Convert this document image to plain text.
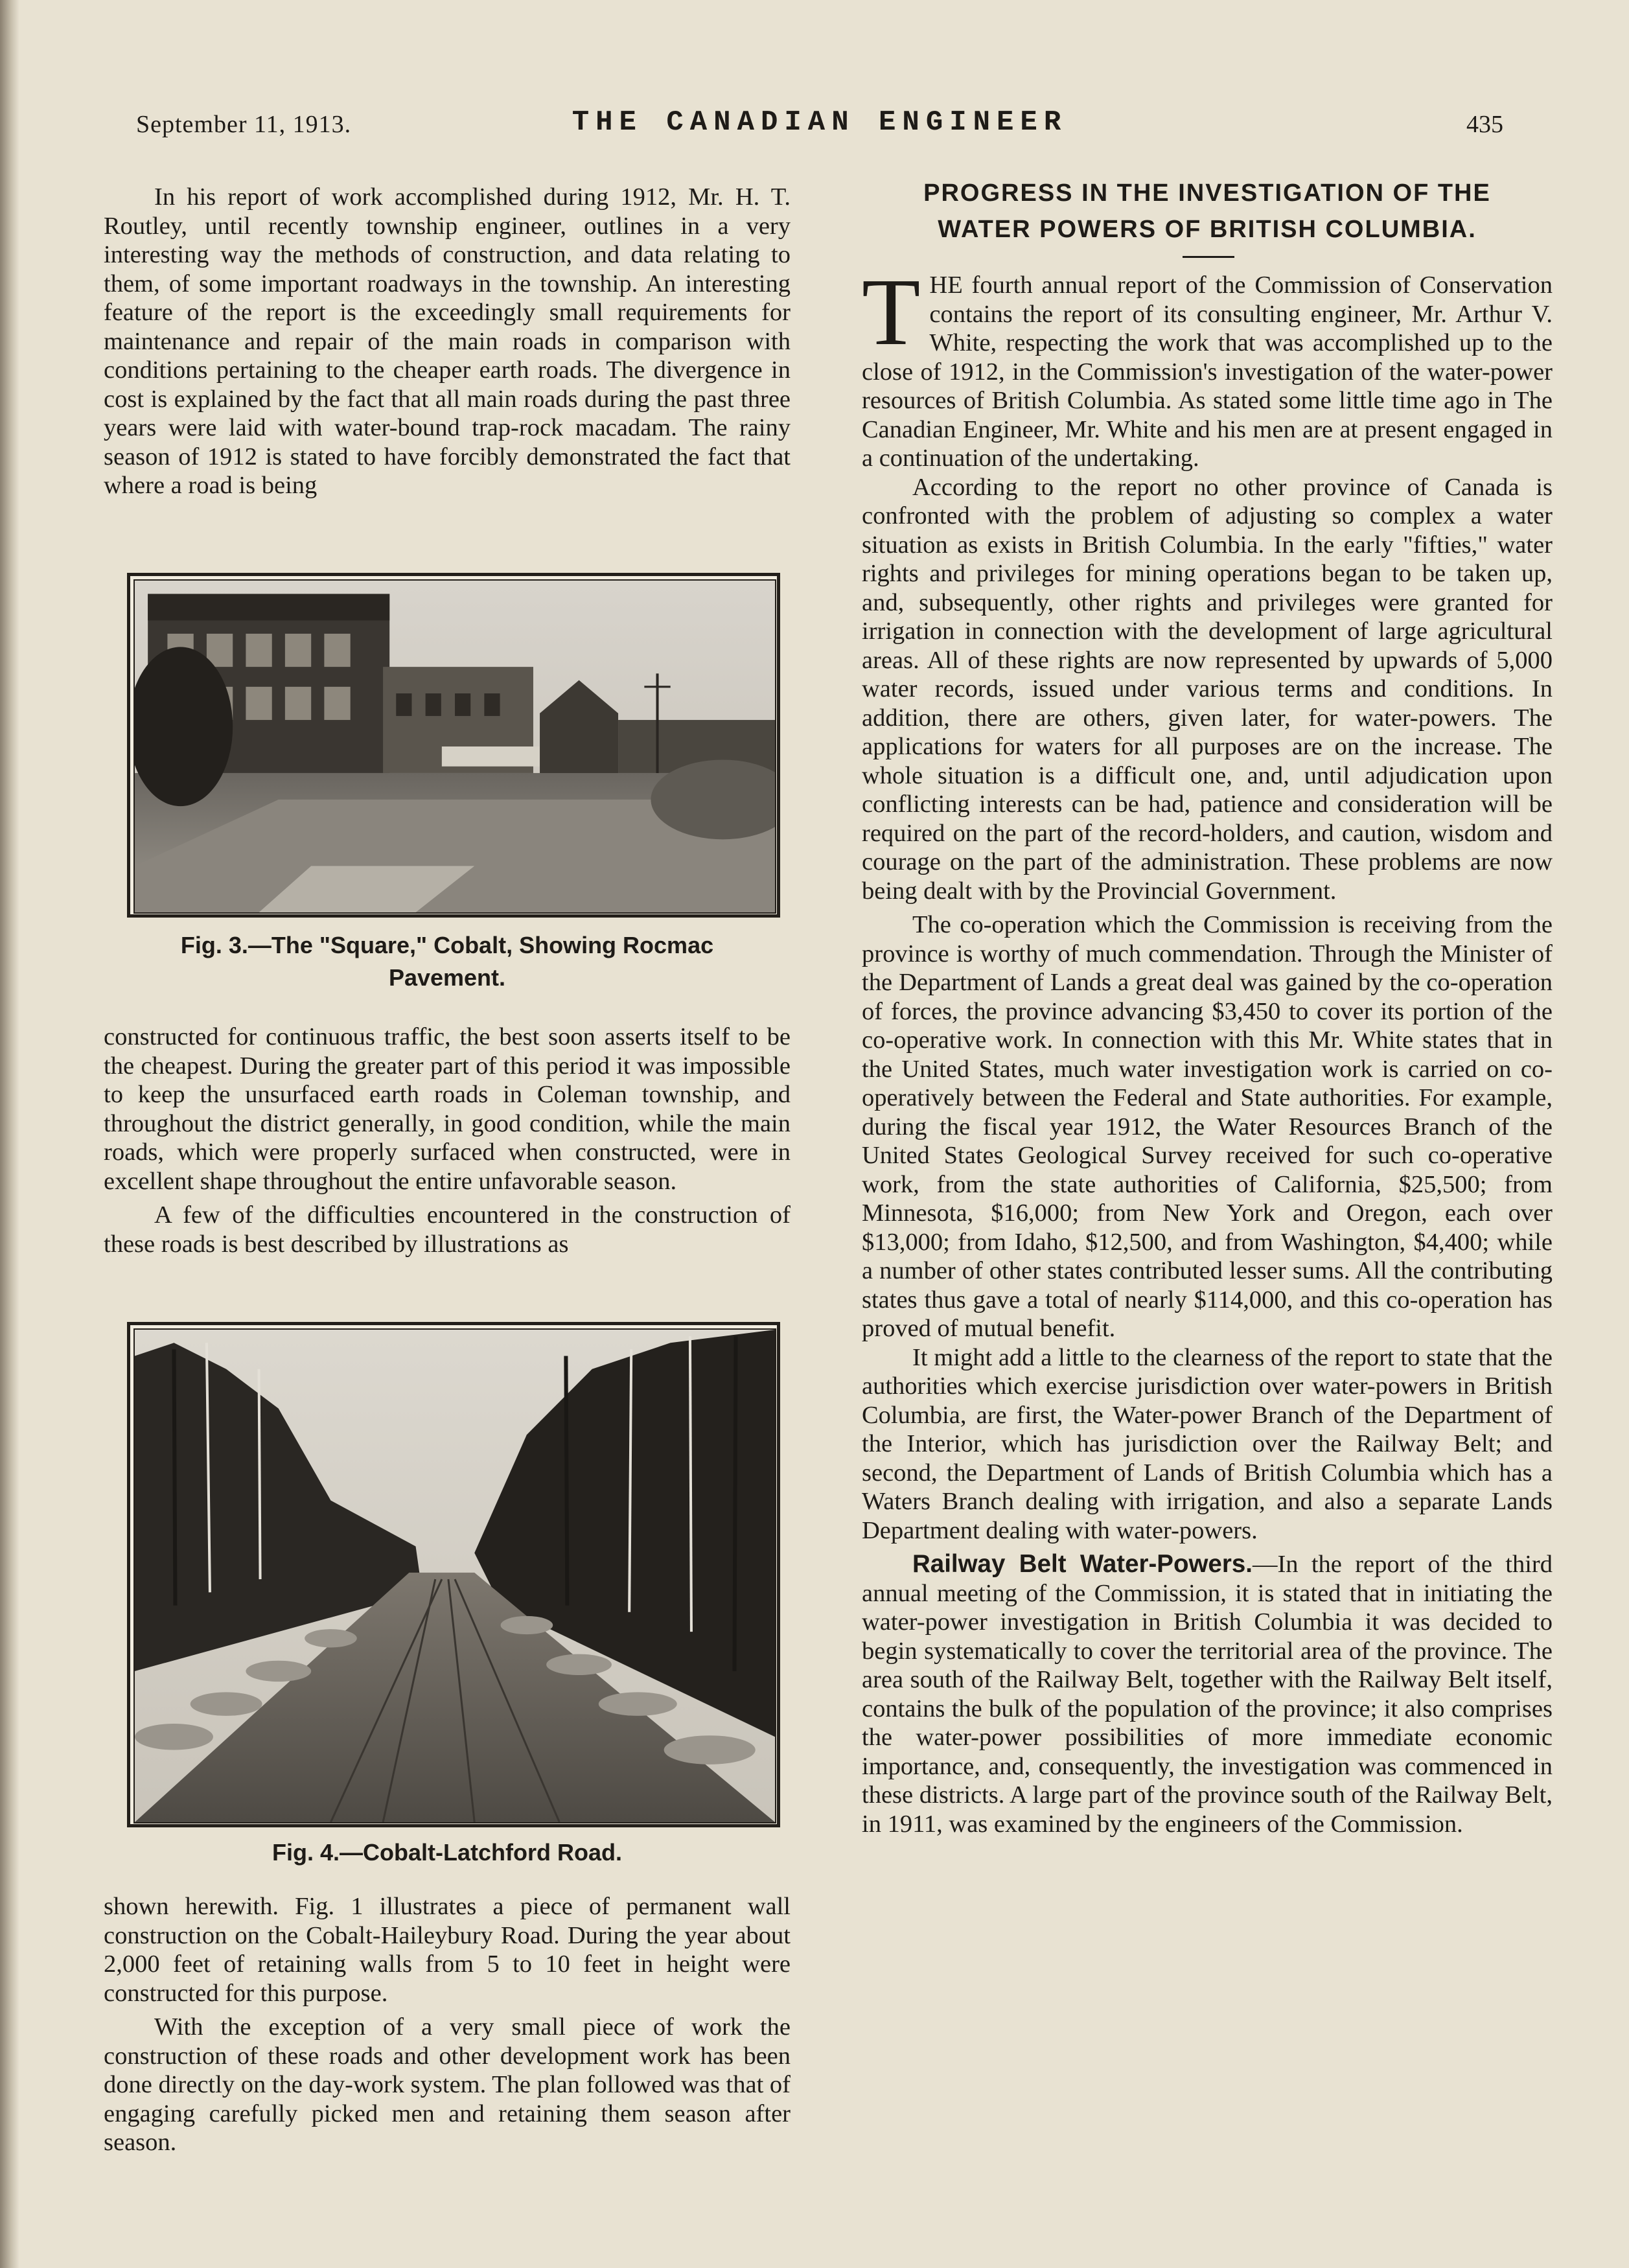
September 11, 1913.	THE CANADIAN ENGINEER	435

In his report of work accomplished during 1912, Mr. H. T. Routley, until recently township engineer, outlines in a very interesting way the methods of construction, and data relating to them, of some important roadways in the township. An interesting feature of the report is the exceedingly small requirements for maintenance and repair of the main roads in comparison with conditions pertaining to the cheaper earth roads. The divergence in cost is explained by the fact that all main roads during the past three years were laid with water-bound trap-rock macadam. The rainy season of 1912 is stated to have forcibly demonstrated the fact that where a road is being

Fig. 3.—The "Square," Cobalt, Showing Rocmac Pavement.

constructed for continuous traffic, the best soon asserts itself to be the cheapest. During the greater part of this period it was impossible to keep the unsurfaced earth roads in Coleman township, and throughout the district generally, in good condition, while the main roads, which were properly surfaced when constructed, were in excellent shape throughout the entire unfavorable season.

A few of the difficulties encountered in the construction of these roads is best described by illustrations as

Fig. 4.—Cobalt-Latchford Road.

shown herewith. Fig. 1 illustrates a piece of permanent wall construction on the Cobalt-Haileybury Road. During the year about 2,000 feet of retaining walls from 5 to 10 feet in height were constructed for this purpose.

With the exception of a very small piece of work the construction of these roads and other development work has been done directly on the day-work system. The plan followed was that of engaging carefully picked men and retaining them season after season.

PROGRESS IN THE INVESTIGATION OF THE
WATER POWERS OF BRITISH COLUMBIA.

THE fourth annual report of the Commission of Conservation contains the report of its consulting engineer, Mr. Arthur V. White, respecting the work that was accomplished up to the close of 1912, in the Commission's investigation of the water-power resources of British Columbia. As stated some little time ago in The Canadian Engineer, Mr. White and his men are at present engaged in a continuation of the undertaking.

According to the report no other province of Canada is confronted with the problem of adjusting so complex a water situation as exists in British Columbia. In the early "fifties," water rights and privileges for mining operations began to be taken up, and, subsequently, other rights and privileges were granted for irrigation in connection with the development of large agricultural areas. All of these rights are now represented by upwards of 5,000 water records, issued under various terms and conditions. In addition, there are others, given later, for water-powers. The applications for waters for all purposes are on the increase. The whole situation is a difficult one, and, until adjudication upon conflicting interests can be had, patience and consideration will be required on the part of the record-holders, and caution, wisdom and courage on the part of the administration. These problems are now being dealt with by the Provincial Government.

The co-operation which the Commission is receiving from the province is worthy of much commendation. Through the Minister of the Department of Lands a great deal was gained by the co-operation of forces, the province advancing $3,450 to cover its portion of the co-operative work. In connection with this Mr. White states that in the United States, much water investigation work is carried on co-operatively between the Federal and State authorities. For example, during the fiscal year 1912, the Water Resources Branch of the United States Geological Survey received for such co-operative work, from the state authorities of California, $25,500; from Minnesota, $16,000; from New York and Oregon, each over $13,000; from Idaho, $12,500, and from Washington, $4,400; while a number of other states contributed lesser sums. All the contributing states thus gave a total of nearly $114,000, and this co-operation has proved of mutual benefit.

It might add a little to the clearness of the report to state that the authorities which exercise jurisdiction over water-powers in British Columbia, are first, the Water-power Branch of the Department of the Interior, which has jurisdiction over the Railway Belt; and second, the Department of Lands of British Columbia which has a Waters Branch dealing with irrigation, and also a separate Lands Department dealing with water-powers.

Railway Belt Water-Powers.—In the report of the third annual meeting of the Commission, it is stated that in initiating the water-power investigation in British Columbia it was decided to begin systematically to cover the territorial area of the province. The area south of the Railway Belt, together with the Railway Belt itself, contains the bulk of the population of the province; it also comprises the water-power possibilities of more immediate economic importance, and, consequently, the investigation was commenced in these districts. A large part of the province south of the Railway Belt, in 1911, was examined by the engineers of the Commission.
